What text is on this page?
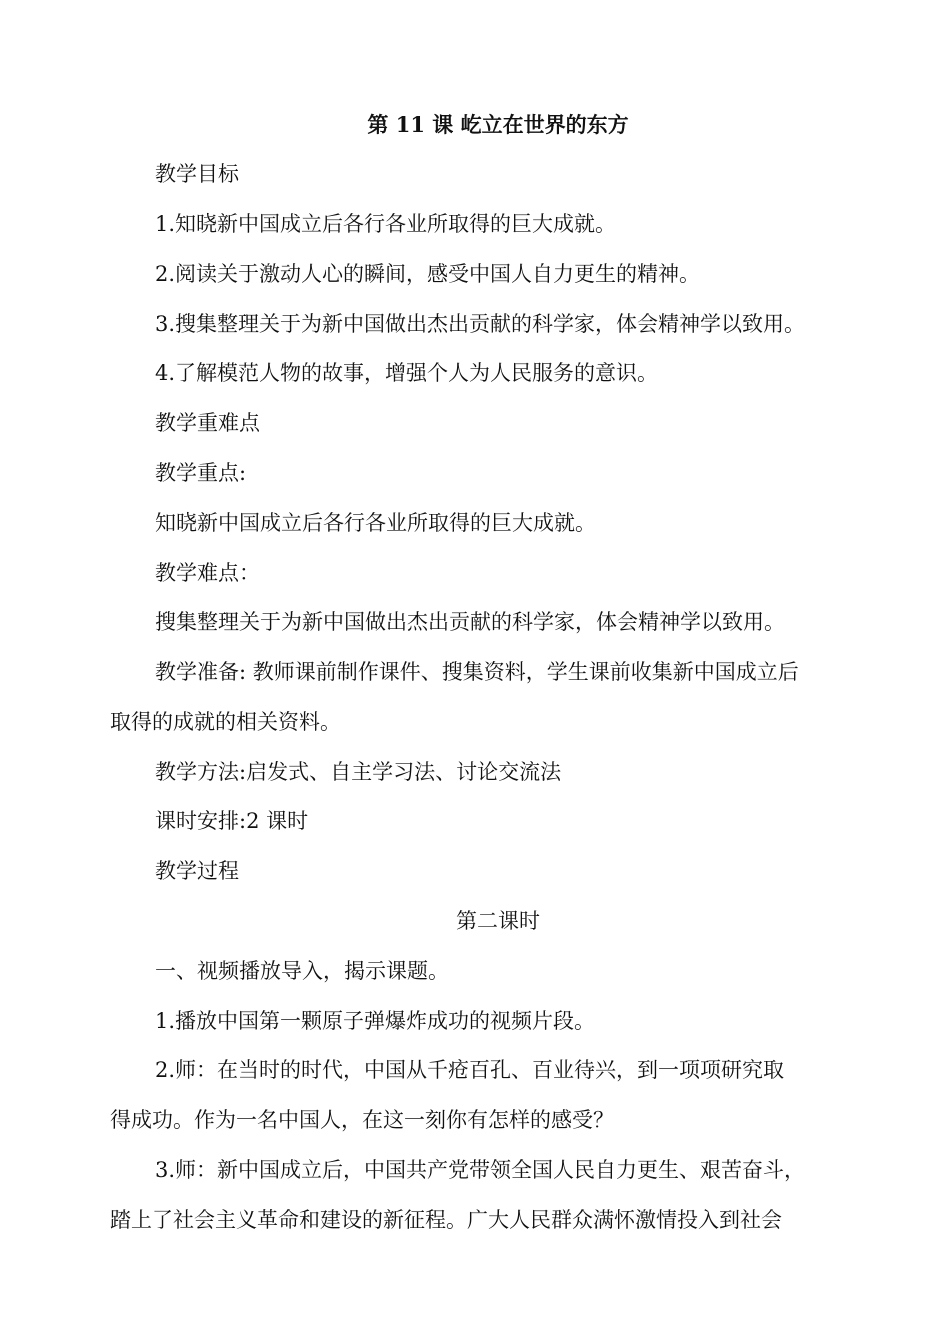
第 11 课 屹立在世界的东方
教学目标
1.知晓新中国成立后各行各业所取得的巨大成就。
2.阅读关于激动人心的瞬间，感受中国人自力更生的精神。
3.搜集整理关于为新中国做出杰出贡献的科学家，体会精神学以致用。
4.了解模范人物的故事，增强个人为人民服务的意识。
教学重难点
教学重点:
知晓新中国成立后各行各业所取得的巨大成就。
教学难点：
搜集整理关于为新中国做出杰出贡献的科学家，体会精神学以致用。
教学准备: 教师课前制作课件、搜集资料，学生课前收集新中国成立后
取得的成就的相关资料。
教学方法:启发式、自主学习法、讨论交流法
课时安排:2 课时
教学过程
第二课时
一、视频播放导入，揭示课题。
1.播放中国第一颗原子弹爆炸成功的视频片段。
2.师：在当时的时代，中国从千疮百孔、百业待兴，到一项项研究取
得成功。作为一名中国人，在这一刻你有怎样的感受？
3.师：新中国成立后，中国共产党带领全国人民自力更生、艰苦奋斗，
踏上了社会主义革命和建设的新征程。广大人民群众满怀激情投入到社会
